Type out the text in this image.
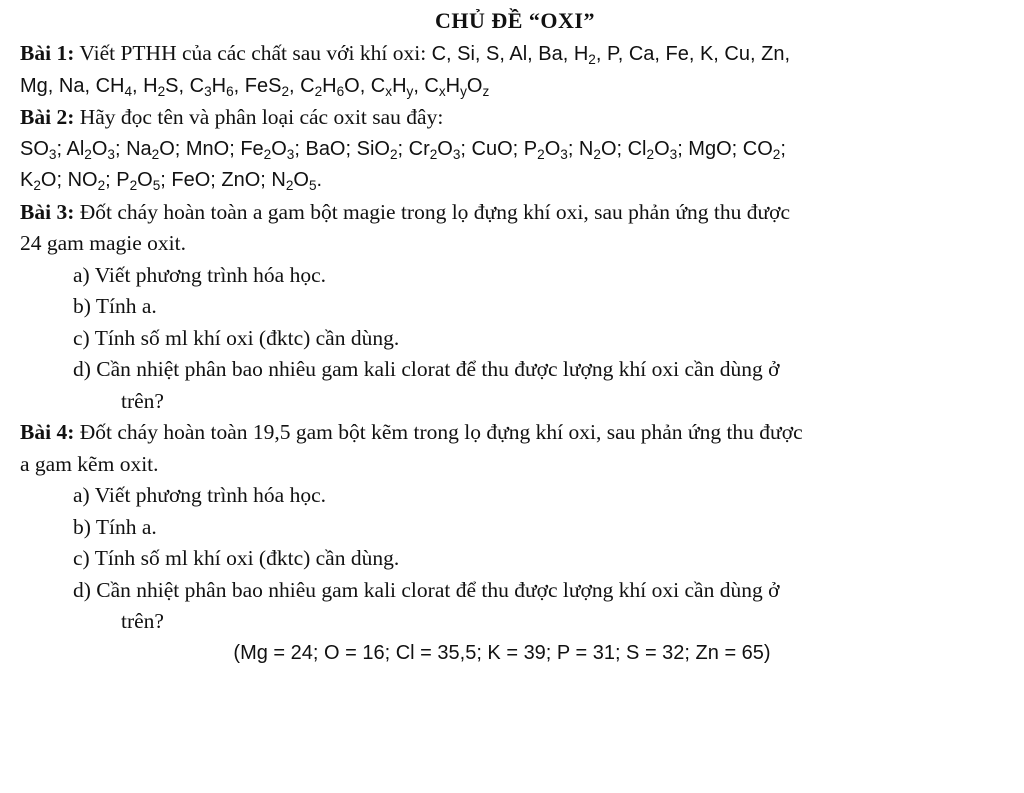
CHỦ ĐỀ “OXI”
Bài 1: Viết PTHH của các chất sau với khí oxi: C, Si, S, Al, Ba, $H_2$, P, Ca, Fe, K, Cu, Zn,
Mg, Na, $CH_4$, $H_2S$, $C_3H_6$, FeS$_2$, $C_2H_6O$, $C_xH_y$, $C_xH_yO_z$
Bài 2: Hãy đọc tên và phân loại các oxit sau đây:
$SO_3$; $Al_2O_3$; $Na_2O$; MnO; $Fe_2O_3$; BaO; SiO$_2$; $Cr_2O_3$; CuO; $P_2O_3$; $N_2O$; $Cl_2O_3$; MgO; $CO_2$;
$K_2O$; $NO_2$; $P_2O_5$; FeO; ZnO; $N_2O_5$.
Bài 3: Đốt cháy hoàn toàn a gam bột magie trong lọ đựng khí oxi, sau phản ứng thu được
24 gam magie oxit.
a) Viết phương trình hóa học.
b) Tính a.
c) Tính số ml khí oxi (đktc) cần dùng.
d) Cần nhiệt phân bao nhiêu gam kali clorat để thu được lượng khí oxi cần dùng ở
trên?
Bài 4: Đốt cháy hoàn toàn 19,5 gam bột kẽm trong lọ đựng khí oxi, sau phản ứng thu được
a gam kẽm oxit.
a) Viết phương trình hóa học.
b) Tính a.
c) Tính số ml khí oxi (đktc) cần dùng.
d) Cần nhiệt phân bao nhiêu gam kali clorat để thu được lượng khí oxi cần dùng ở
trên?
(Mg = 24; O = 16; Cl = 35,5; K = 39; P = 31; S = 32; Zn = 65)
